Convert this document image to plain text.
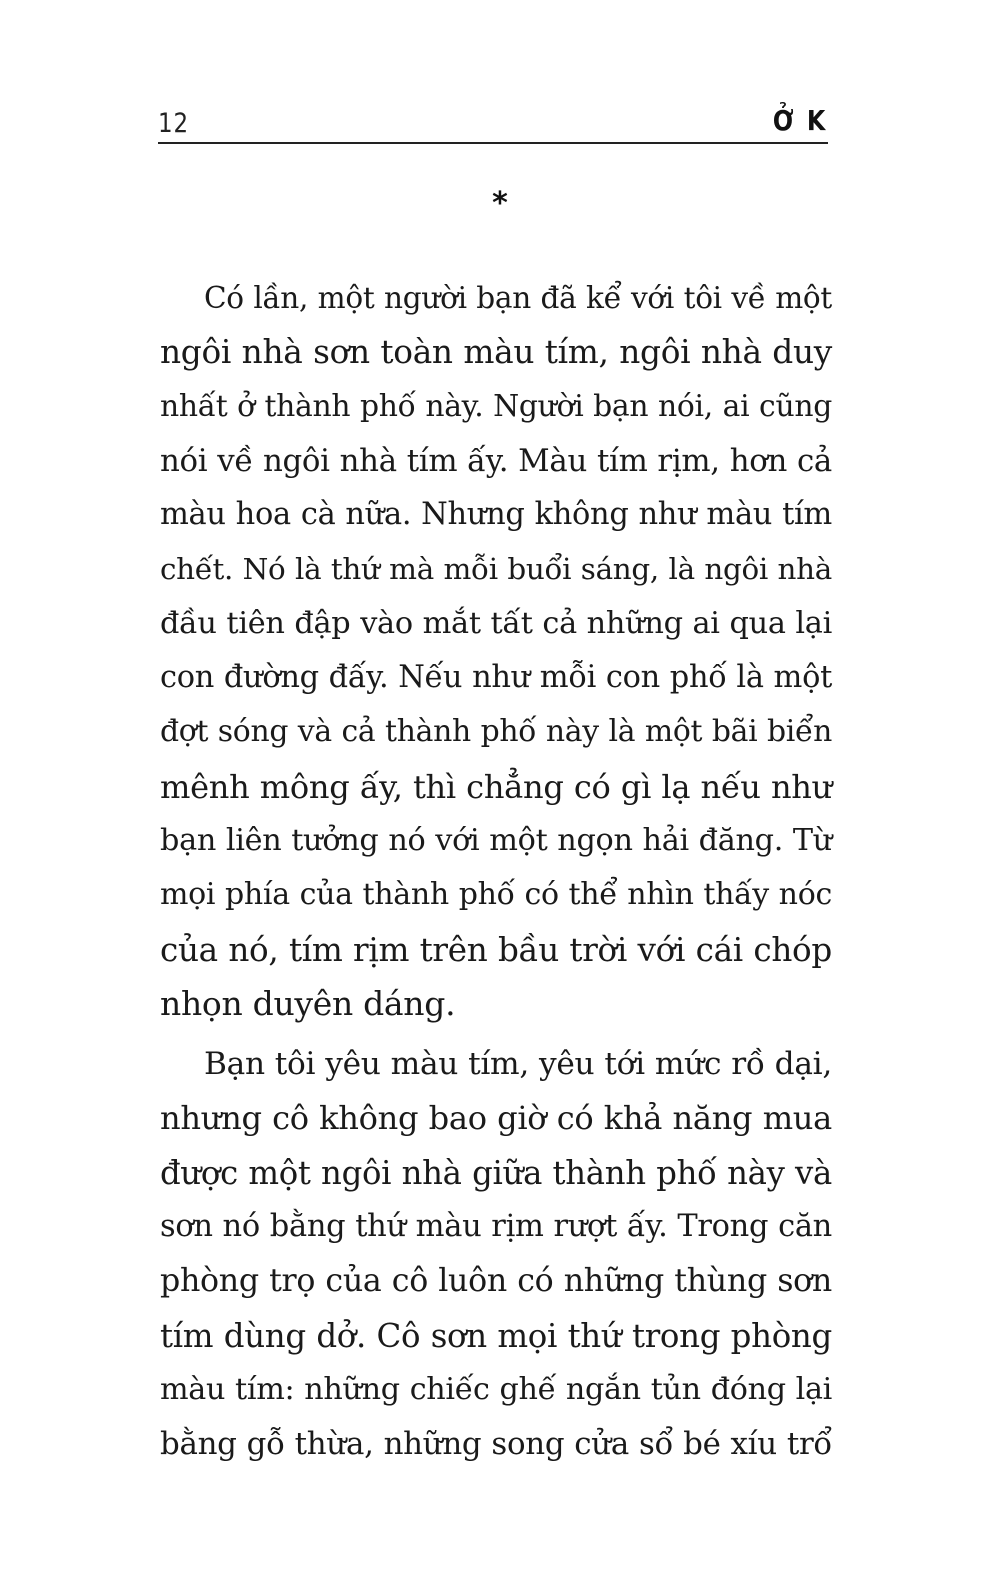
12	Ở K
*
Có lần, một người bạn đã kể với tôi về một
ngôi nhà sơn toàn màu tím, ngôi nhà duy
nhất ở thành phố này. Người bạn nói, ai cũng
nói về ngôi nhà tím ấy. Màu tím rịm, hơn cả
màu hoa cà nữa. Nhưng không như màu tím
chết. Nó là thứ mà mỗi buổi sáng, là ngôi nhà
đầu tiên đập vào mắt tất cả những ai qua lại
con đường đấy. Nếu như mỗi con phố là một
đợt sóng và cả thành phố này là một bãi biển
mênh mông ấy, thì chẳng có gì lạ nếu như
bạn liên tưởng nó với một ngọn hải đăng. Từ
mọi phía của thành phố có thể nhìn thấy nóc
của nó, tím rịm trên bầu trời với cái chóp
nhọn duyên dáng.
Bạn tôi yêu màu tím, yêu tới mức rồ dại,
nhưng cô không bao giờ có khả năng mua
được một ngôi nhà giữa thành phố này và
sơn nó bằng thứ màu rịm rượt ấy. Trong căn
phòng trọ của cô luôn có những thùng sơn
tím dùng dở. Cô sơn mọi thứ trong phòng
màu tím: những chiếc ghế ngắn tủn đóng lại
bằng gỗ thừa, những song cửa sổ bé xíu trổ
